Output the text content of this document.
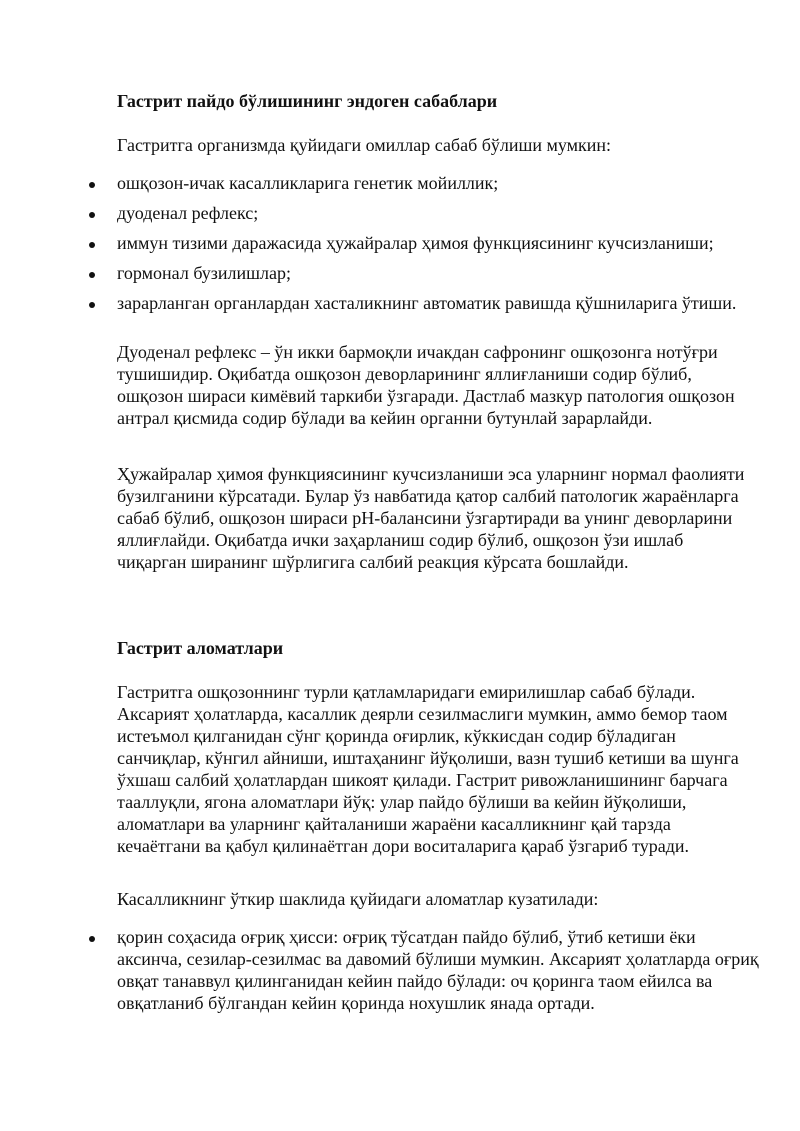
Гастрит пайдо бўлишининг эндоген сабаблари

Гастритга организмда қуйидаги омиллар сабаб бўлиши мумкин:

ошқозон-ичак касалликларига генетик мойиллик;
дуоденал рефлекс;
иммун тизими даражасида ҳужайралар ҳимоя функциясининг кучсизланиши;
гормонал бузилишлар;
зарарланган органлардан хасталикнинг автоматик равишда қўшниларига ўтиши.

Дуоденал рефлекс – ўн икки бармоқли ичакдан сафронинг ошқозонга нотўғри тушишидир. Оқибатда ошқозон деворларининг яллиғланиши содир бўлиб, ошқозон шираси кимёвий таркиби ўзгаради. Дастлаб мазкур патология ошқозон антрал қисмида содир бўлади ва кейин органни бутунлай зарарлайди.

Ҳужайралар ҳимоя функциясининг кучсизланиши эса уларнинг нормал фаолияти бузилганини кўрсатади. Булар ўз навбатида қатор салбий патологик жараёнларга сабаб бўлиб, ошқозон шираси рН-балансини ўзгартиради ва унинг деворларини яллиғлайди. Оқибатда ички заҳарланиш содир бўлиб, ошқозон ўзи ишлаб чиқарган ширанинг шўрлигига салбий реакция кўрсата бошлайди.

Гастрит аломатлари

Гастритга ошқозоннинг турли қатламларидаги емирилишлар сабаб бўлади. Аксарият ҳолатларда, касаллик деярли сезилмаслиги мумкин, аммо бемор таом истеъмол қилганидан сўнг қоринда оғирлик, кўккисдан содир бўладиган санчиқлар, кўнгил айниши, иштаҳанинг йўқолиши, вазн тушиб кетиши ва шунга ўхшаш салбий ҳолатлардан шикоят қилади. Гастрит ривожланишининг барчага тааллуқли, ягона аломатлари йўқ: улар пайдо бўлиши ва кейин йўқолиши, аломатлари ва уларнинг қайталаниши жараёни касалликнинг қай тарзда кечаётгани ва қабул қилинаётган дори воситаларига қараб ўзгариб туради.

Касалликнинг ўткир шаклида қуйидаги аломатлар кузатилади:

қорин соҳасида оғриқ ҳисси: оғриқ тўсатдан пайдо бўлиб, ўтиб кетиши ёки аксинча, сезилар-сезилмас ва давомий бўлиши мумкин. Аксарият ҳолатларда оғриқ овқат танаввул қилинганидан кейин пайдо бўлади: оч қоринга таом ейилса ва овқатланиб бўлгандан кейин қоринда нохушлик янада ортади.
